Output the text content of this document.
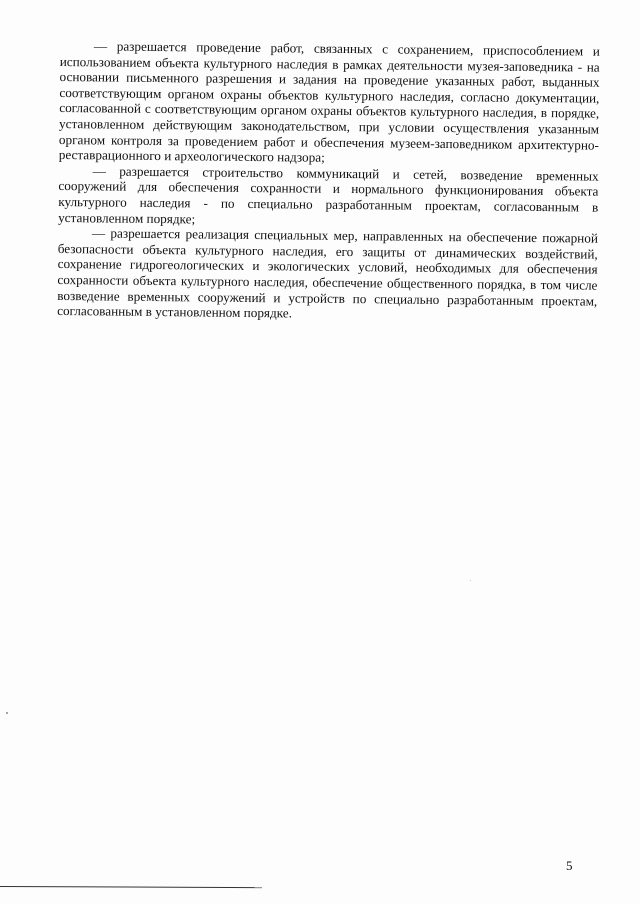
— разрешается проведение работ, связанных с сохранением, приспособлением и использованием объекта культурного наследия в рамках деятельности музея-заповедника - на основании письменного разрешения и задания на проведение указанных работ, выданных соответствующим органом охраны объектов культурного наследия, согласно документации, согласованной с соответствующим органом охраны объектов культурного наследия, в порядке, установленном действующим законодательством, при условии осуществления указанным органом контроля за проведением работ и обеспечения музеем-заповедником архитектурно-реставрационного и археологического надзора;

— разрешается строительство коммуникаций и сетей, возведение временных сооружений для обеспечения сохранности и нормального функционирования объекта культурного наследия - по специально разработанным проектам, согласованным в установленном порядке;

— разрешается реализация специальных мер, направленных на обеспечение пожарной безопасности объекта культурного наследия, его защиты от динамических воздействий, сохранение гидрогеологических и экологических условий, необходимых для обеспечения сохранности объекта культурного наследия, обеспечение общественного порядка, в том числе возведение временных сооружений и устройств по специально разработанным проектам, согласованным в установленном порядке.

5
